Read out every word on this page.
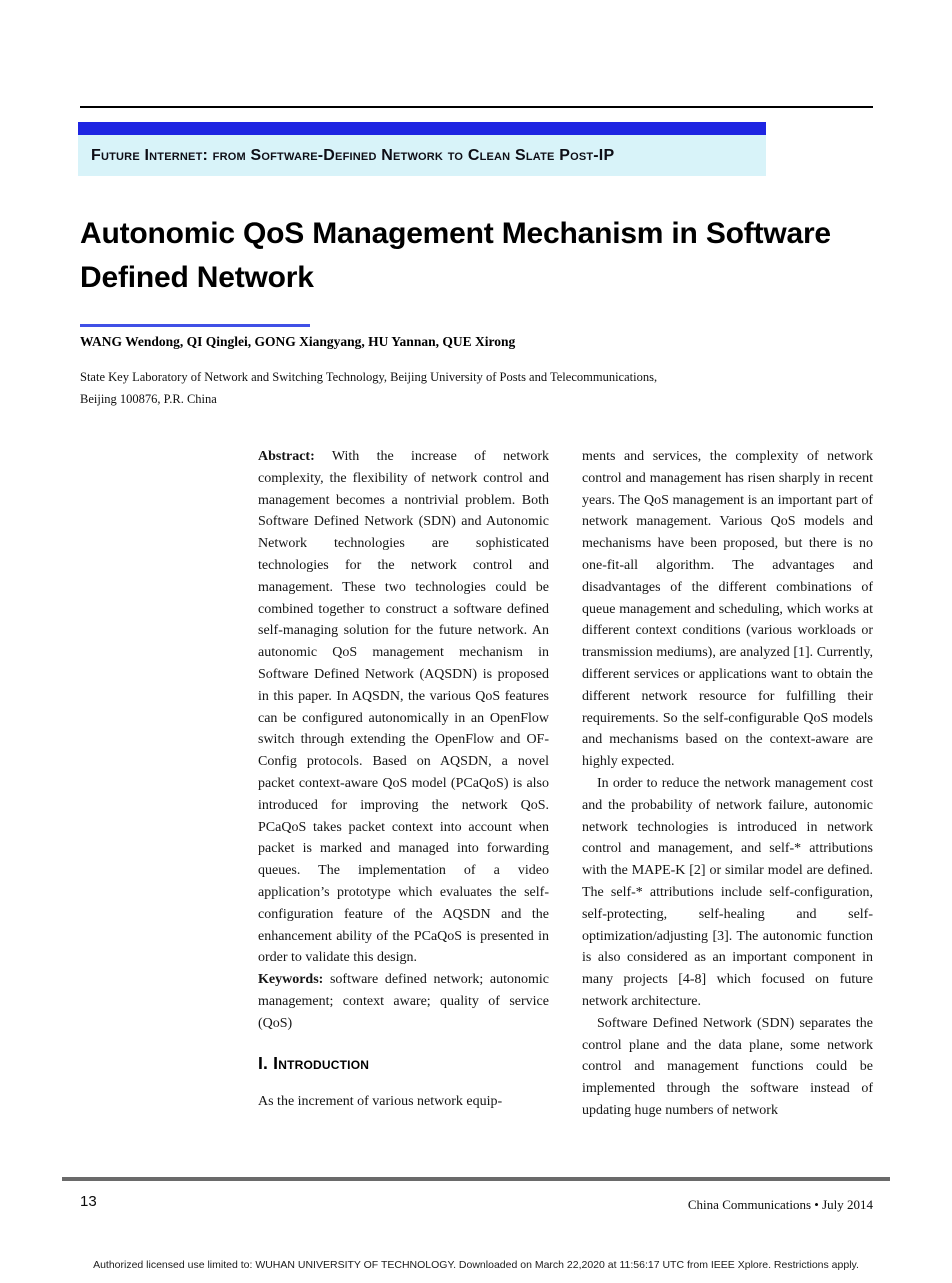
Future Internet: from Software-Defined Network to Clean Slate Post-IP
Autonomic QoS Management Mechanism in Software
Defined Network
WANG Wendong, QI Qinglei, GONG Xiangyang, HU Yannan, QUE Xirong
State Key Laboratory of Network and Switching Technology, Beijing University of Posts and Telecommunications,
Beijing 100876, P.R. China

Abstract: With the increase of network complexity, the flexibility of network control and management becomes a nontrivial problem. Both Software Defined Network (SDN) and Autonomic Network technologies are sophisticated technologies for the network control and management. These two technologies could be combined together to construct a software defined self-managing solution for the future network. An autonomic QoS management mechanism in Software Defined Network (AQSDN) is proposed in this paper. In AQSDN, the various QoS features can be configured autonomically in an OpenFlow switch through extending the OpenFlow and OF-Config protocols. Based on AQSDN, a novel packet context-aware QoS model (PCaQoS) is also introduced for improving the network QoS. PCaQoS takes packet context into account when packet is marked and managed into forwarding queues. The implementation of a video application’s prototype which evaluates the self-configuration feature of the AQSDN and the enhancement ability of the PCaQoS is presented in order to validate this design.

Keywords: software defined network; autonomic management; context aware; quality of service (QoS)

I. Introduction

As the increment of various network equip-

ments and services, the complexity of network control and management has risen sharply in recent years. The QoS management is an important part of network management. Various QoS models and mechanisms have been proposed, but there is no one-fit-all algorithm. The advantages and disadvantages of the different combinations of queue management and scheduling, which works at different context conditions (various workloads or transmission mediums), are analyzed [1]. Currently, different services or applications want to obtain the different network resource for fulfilling their requirements. So the self-configurable QoS models and mechanisms based on the context-aware are highly expected.

In order to reduce the network management cost and the probability of network failure, autonomic network technologies is introduced in network control and management, and self-* attributions with the MAPE-K [2] or similar model are defined. The self-* attributions include self-configuration, self-protecting, self-healing and self-optimization/adjusting [3]. The autonomic function is also considered as an important component in many projects [4-8] which focused on future network architecture.

Software Defined Network (SDN) separates the control plane and the data plane, some network control and management functions could be implemented through the software instead of updating huge numbers of network

13	China Communications • July 2014
Authorized licensed use limited to: WUHAN UNIVERSITY OF TECHNOLOGY. Downloaded on March 22,2020 at 11:56:17 UTC from IEEE Xplore. Restrictions apply.
